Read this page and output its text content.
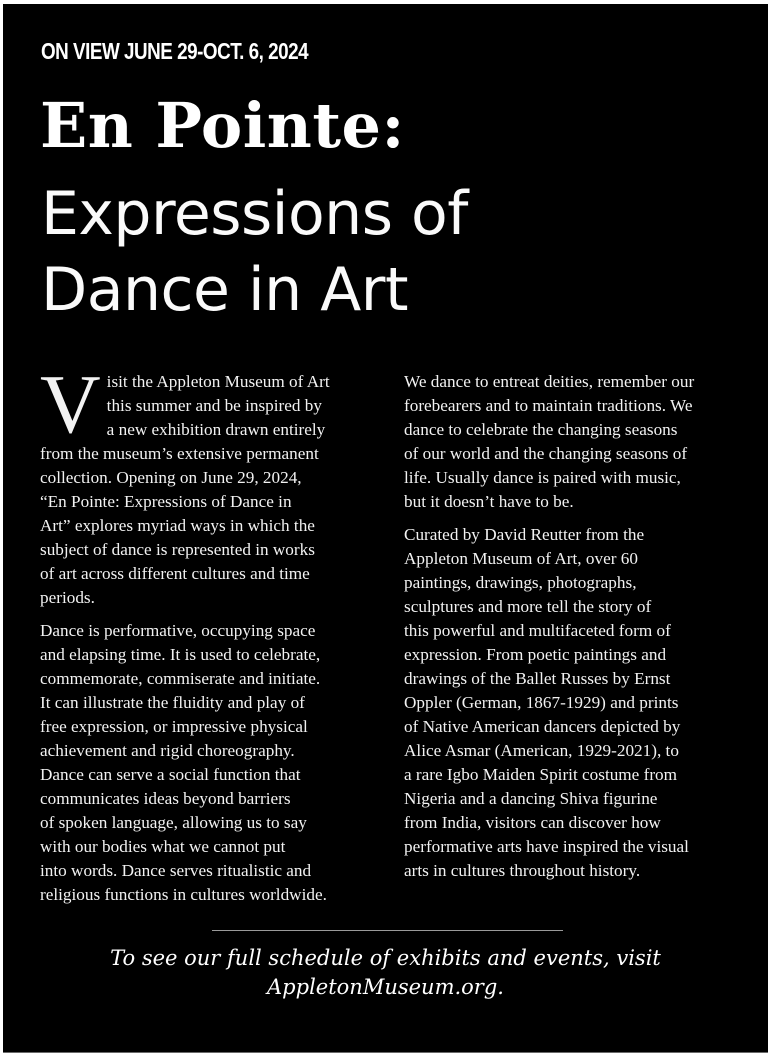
ON VIEW JUNE 29-OCT. 6, 2024
En Pointe:
Expressions of
Dance in Art

V isit the Appleton Museum of Art
this summer and be inspired by
a new exhibition drawn entirely
from the museum’s extensive permanent
collection. Opening on June 29, 2024,
“En Pointe: Expressions of Dance in
Art” explores myriad ways in which the
subject of dance is represented in works
of art across different cultures and time
periods.

Dance is performative, occupying space
and elapsing time. It is used to celebrate,
commemorate, commiserate and initiate.
It can illustrate the fluidity and play of
free expression, or impressive physical
achievement and rigid choreography.
Dance can serve a social function that
communicates ideas beyond barriers
of spoken language, allowing us to say
with our bodies what we cannot put
into words. Dance serves ritualistic and
religious functions in cultures worldwide.

We dance to entreat deities, remember our
forebearers and to maintain traditions. We
dance to celebrate the changing seasons
of our world and the changing seasons of
life. Usually dance is paired with music,
but it doesn’t have to be.

Curated by David Reutter from the
Appleton Museum of Art, over 60
paintings, drawings, photographs,
sculptures and more tell the story of
this powerful and multifaceted form of
expression. From poetic paintings and
drawings of the Ballet Russes by Ernst
Oppler (German, 1867-1929) and prints
of Native American dancers depicted by
Alice Asmar (American, 1929-2021), to
a rare Igbo Maiden Spirit costume from
Nigeria and a dancing Shiva figurine
from India, visitors can discover how
performative arts have inspired the visual
arts in cultures throughout history.

To see our full schedule of exhibits and events, visit
AppletonMuseum.org.
